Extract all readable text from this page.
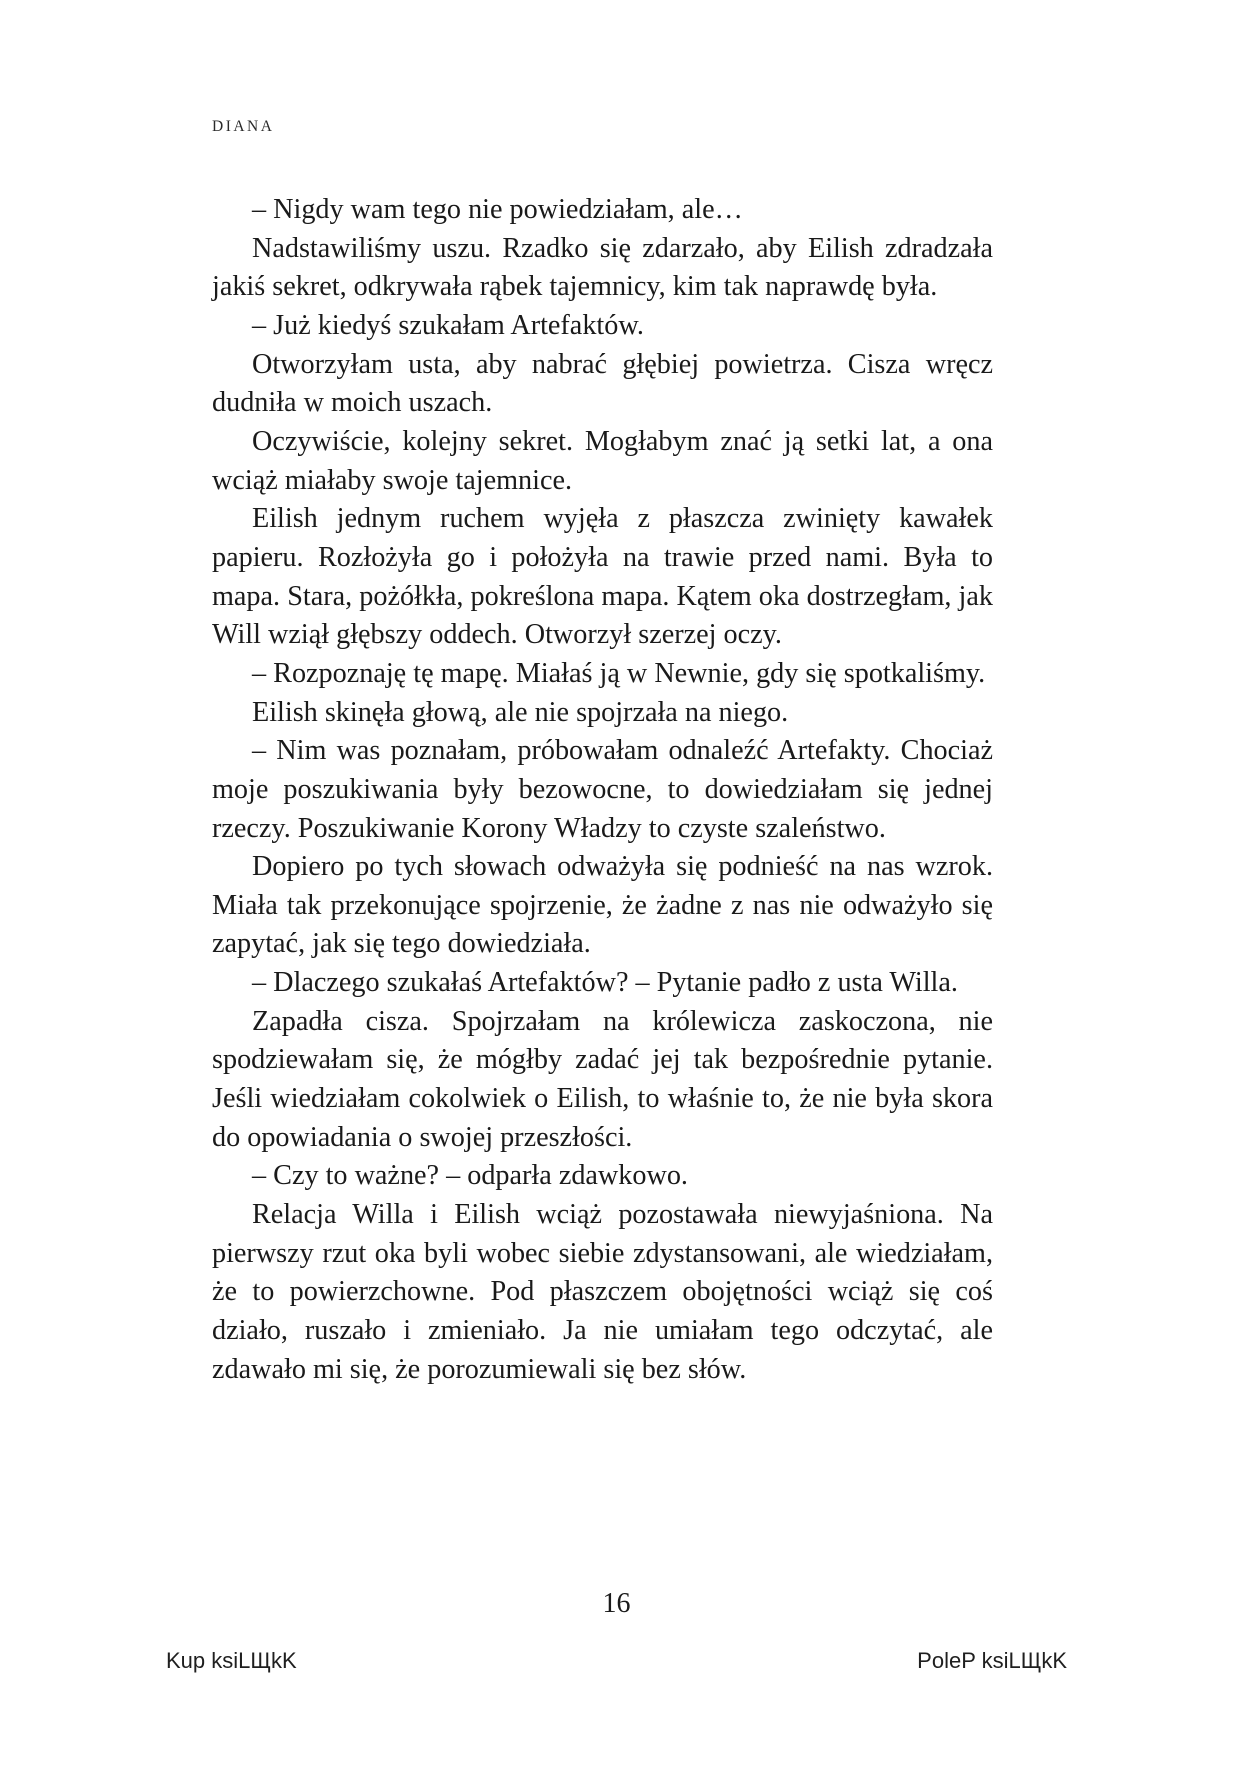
DIANA

– Nigdy wam tego nie powiedziałam, ale…

Nadstawiliśmy uszu. Rzadko się zdarzało, aby Eilish zdradzała jakiś sekret, odkrywała rąbek tajemnicy, kim tak naprawdę była.

– Już kiedyś szukałam Artefaktów.

Otworzyłam usta, aby nabrać głębiej powietrza. Cisza wręcz dudniła w moich uszach.

Oczywiście, kolejny sekret. Mogłabym znać ją setki lat, a ona wciąż miałaby swoje tajemnice.

Eilish jednym ruchem wyjęła z płaszcza zwinięty kawałek papieru. Rozłożyła go i położyła na trawie przed nami. Była to mapa. Stara, pożółkła, pokreślona mapa. Kątem oka dostrzegłam, jak Will wziął głębszy oddech. Otworzył szerzej oczy.

– Rozpoznaję tę mapę. Miałaś ją w Newnie, gdy się spotkaliśmy.

Eilish skinęła głową, ale nie spojrzała na niego.

– Nim was poznałam, próbowałam odnaleźć Artefakty. Chociaż moje poszukiwania były bezowocne, to dowiedziałam się jednej rzeczy. Poszukiwanie Korony Władzy to czyste szaleństwo.

Dopiero po tych słowach odważyła się podnieść na nas wzrok. Miała tak przekonujące spojrzenie, że żadne z nas nie odważyło się zapytać, jak się tego dowiedziała.

– Dlaczego szukałaś Artefaktów? – Pytanie padło z usta Willa.

Zapadła cisza. Spojrzałam na królewicza zaskoczona, nie spodziewałam się, że mógłby zadać jej tak bezpośrednie pytanie. Jeśli wiedziałam cokolwiek o Eilish, to właśnie to, że nie była skora do opowiadania o swojej przeszłości.

– Czy to ważne? – odparła zdawkowo.

Relacja Willa i Eilish wciąż pozostawała niewyjaśniona. Na pierwszy rzut oka byli wobec siebie zdystansowani, ale wiedziałam, że to powierzchowne. Pod płaszczem obojętności wciąż się coś działo, ruszało i zmieniało. Ja nie umiałam tego odczytać, ale zdawało mi się, że porozumiewali się bez słów.

16
Kup ksiLЩkK	PoleP ksiLЩkK
